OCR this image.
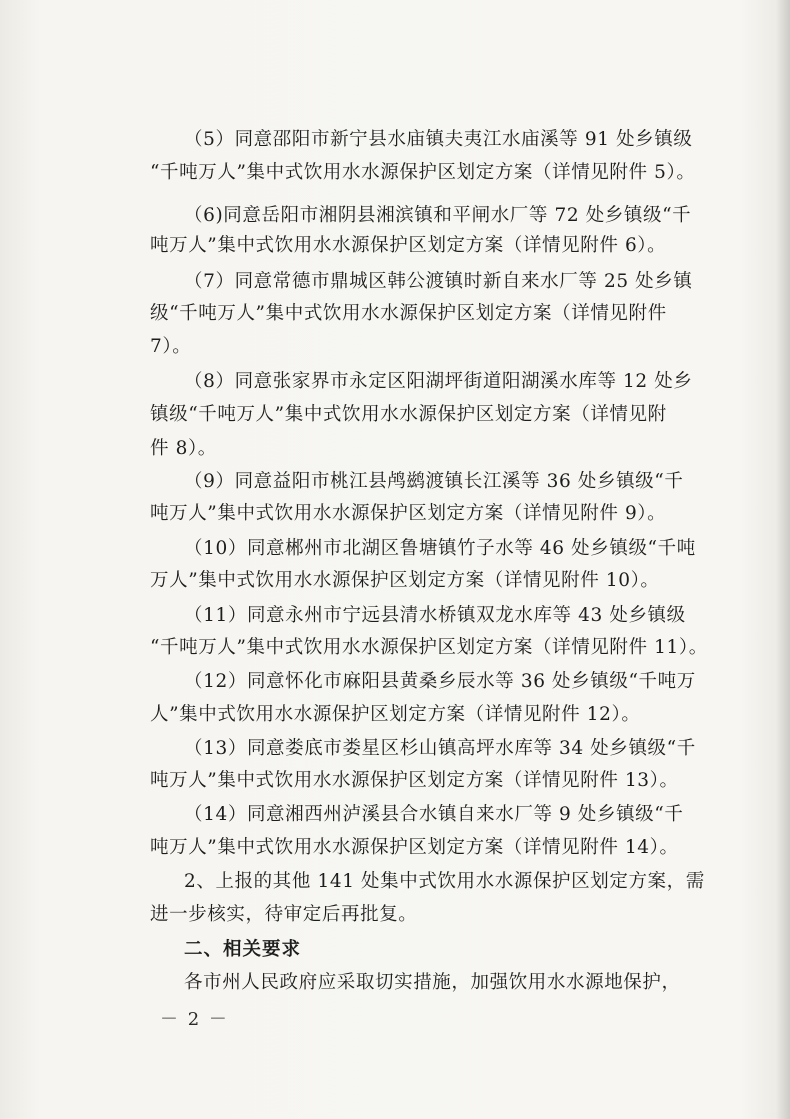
（5）同意邵阳市新宁县水庙镇夫夷江水庙溪等 91 处乡镇级
“千吨万人”集中式饮用水水源保护区划定方案（详情见附件 5）。
（6)同意岳阳市湘阴县湘滨镇和平闸水厂等 72 处乡镇级“千
吨万人”集中式饮用水水源保护区划定方案（详情见附件 6）。
（7）同意常德市鼎城区韩公渡镇时新自来水厂等 25 处乡镇
级“千吨万人”集中式饮用水水源保护区划定方案（详情见附件
7）。
（8）同意张家界市永定区阳湖坪街道阳湖溪水库等 12 处乡
镇级“千吨万人”集中式饮用水水源保护区划定方案（详情见附
件 8）。
（9）同意益阳市桃江县鸬鹚渡镇长江溪等 36 处乡镇级“千
吨万人”集中式饮用水水源保护区划定方案（详情见附件 9）。
（10）同意郴州市北湖区鲁塘镇竹子水等 46 处乡镇级“千吨
万人”集中式饮用水水源保护区划定方案（详情见附件 10）。
（11）同意永州市宁远县清水桥镇双龙水库等 43 处乡镇级
“千吨万人”集中式饮用水水源保护区划定方案（详情见附件 11）。
（12）同意怀化市麻阳县黄桑乡辰水等 36 处乡镇级“千吨万
人”集中式饮用水水源保护区划定方案（详情见附件 12）。
（13）同意娄底市娄星区杉山镇高坪水库等 34 处乡镇级“千
吨万人”集中式饮用水水源保护区划定方案（详情见附件 13）。
（14）同意湘西州泸溪县合水镇自来水厂等 9 处乡镇级“千
吨万人”集中式饮用水水源保护区划定方案（详情见附件 14）。
2、上报的其他 141 处集中式饮用水水源保护区划定方案，需
进一步核实，待审定后再批复。
二、相关要求
各市州人民政府应采取切实措施，加强饮用水水源地保护，
－ 2 －
